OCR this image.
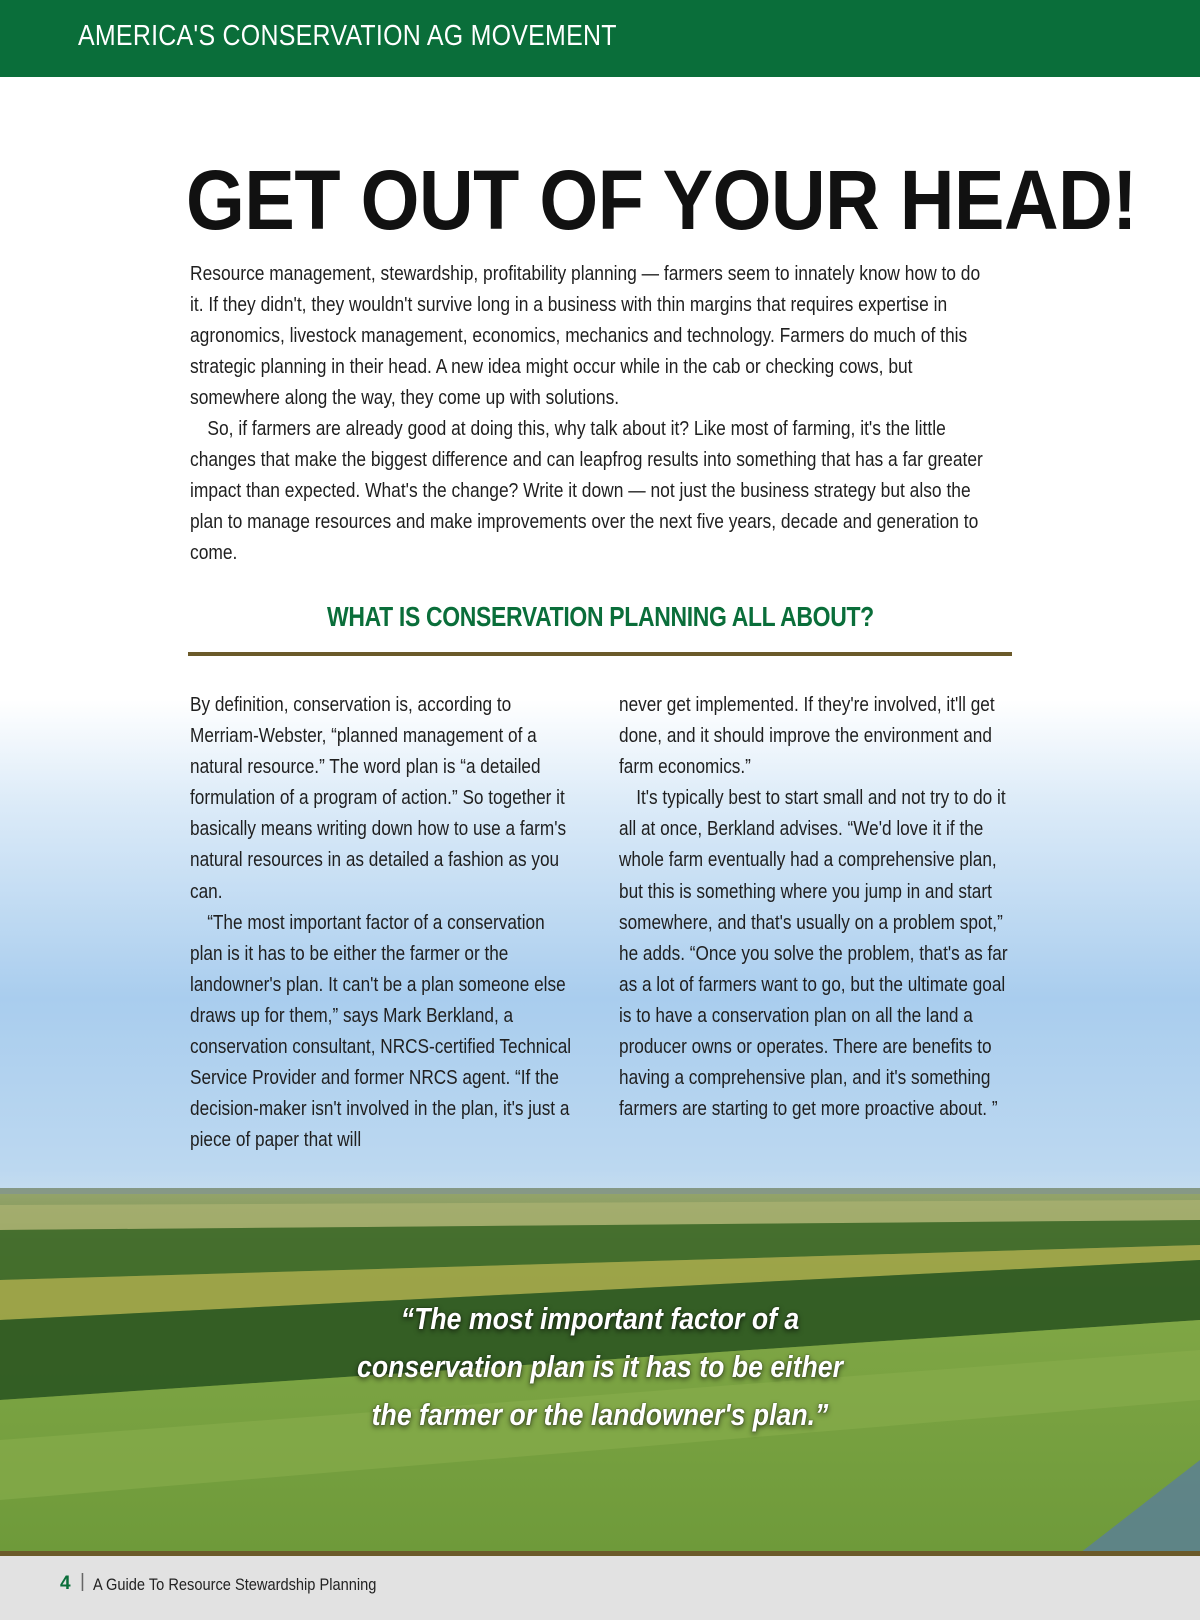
AMERICA'S CONSERVATION AG MOVEMENT
GET OUT OF YOUR HEAD!

Resource management, stewardship, profitability planning — farmers seem to innately know how to do it. If they didn't, they wouldn't survive long in a business with thin margins that requires expertise in agronomics, livestock management, economics, mechanics and technology. Farmers do much of this strategic planning in their head. A new idea might occur while in the cab or checking cows, but somewhere along the way, they come up with solutions.

So, if farmers are already good at doing this, why talk about it? Like most of farming, it's the little changes that make the biggest difference and can leapfrog results into something that has a far greater impact than expected. What's the change? Write it down — not just the business strategy but also the plan to manage resources and make improvements over the next five years, decade and generation to come.

WHAT IS CONSERVATION PLANNING ALL ABOUT?

By definition, conservation is, according to Merriam-Webster, “planned management of a natural resource.” The word plan is “a detailed formulation of a program of action.” So together it basically means writing down how to use a farm's natural resources in as detailed a fashion as you can.

“The most important factor of a conservation plan is it has to be either the farmer or the landowner's plan. It can't be a plan someone else draws up for them,” says Mark Berkland, a conservation consultant, NRCS-certified Technical Service Provider and former NRCS agent. “If the decision-maker isn't involved in the plan, it's just a piece of paper that will

never get implemented. If they're involved, it'll get done, and it should improve the environment and farm economics.”

It's typically best to start small and not try to do it all at once, Berkland advises. “We'd love it if the whole farm eventually had a comprehensive plan, but this is something where you jump in and start somewhere, and that's usually on a problem spot,” he adds. “Once you solve the problem, that's as far as a lot of farmers want to go, but the ultimate goal is to have a conservation plan on all the land a producer owns or operates. There are benefits to having a comprehensive plan, and it's something farmers are starting to get more proactive about. ”

“The most important factor of a conservation plan is it has to be either the farmer or the landowner's plan.”
4 | A Guide To Resource Stewardship Planning
